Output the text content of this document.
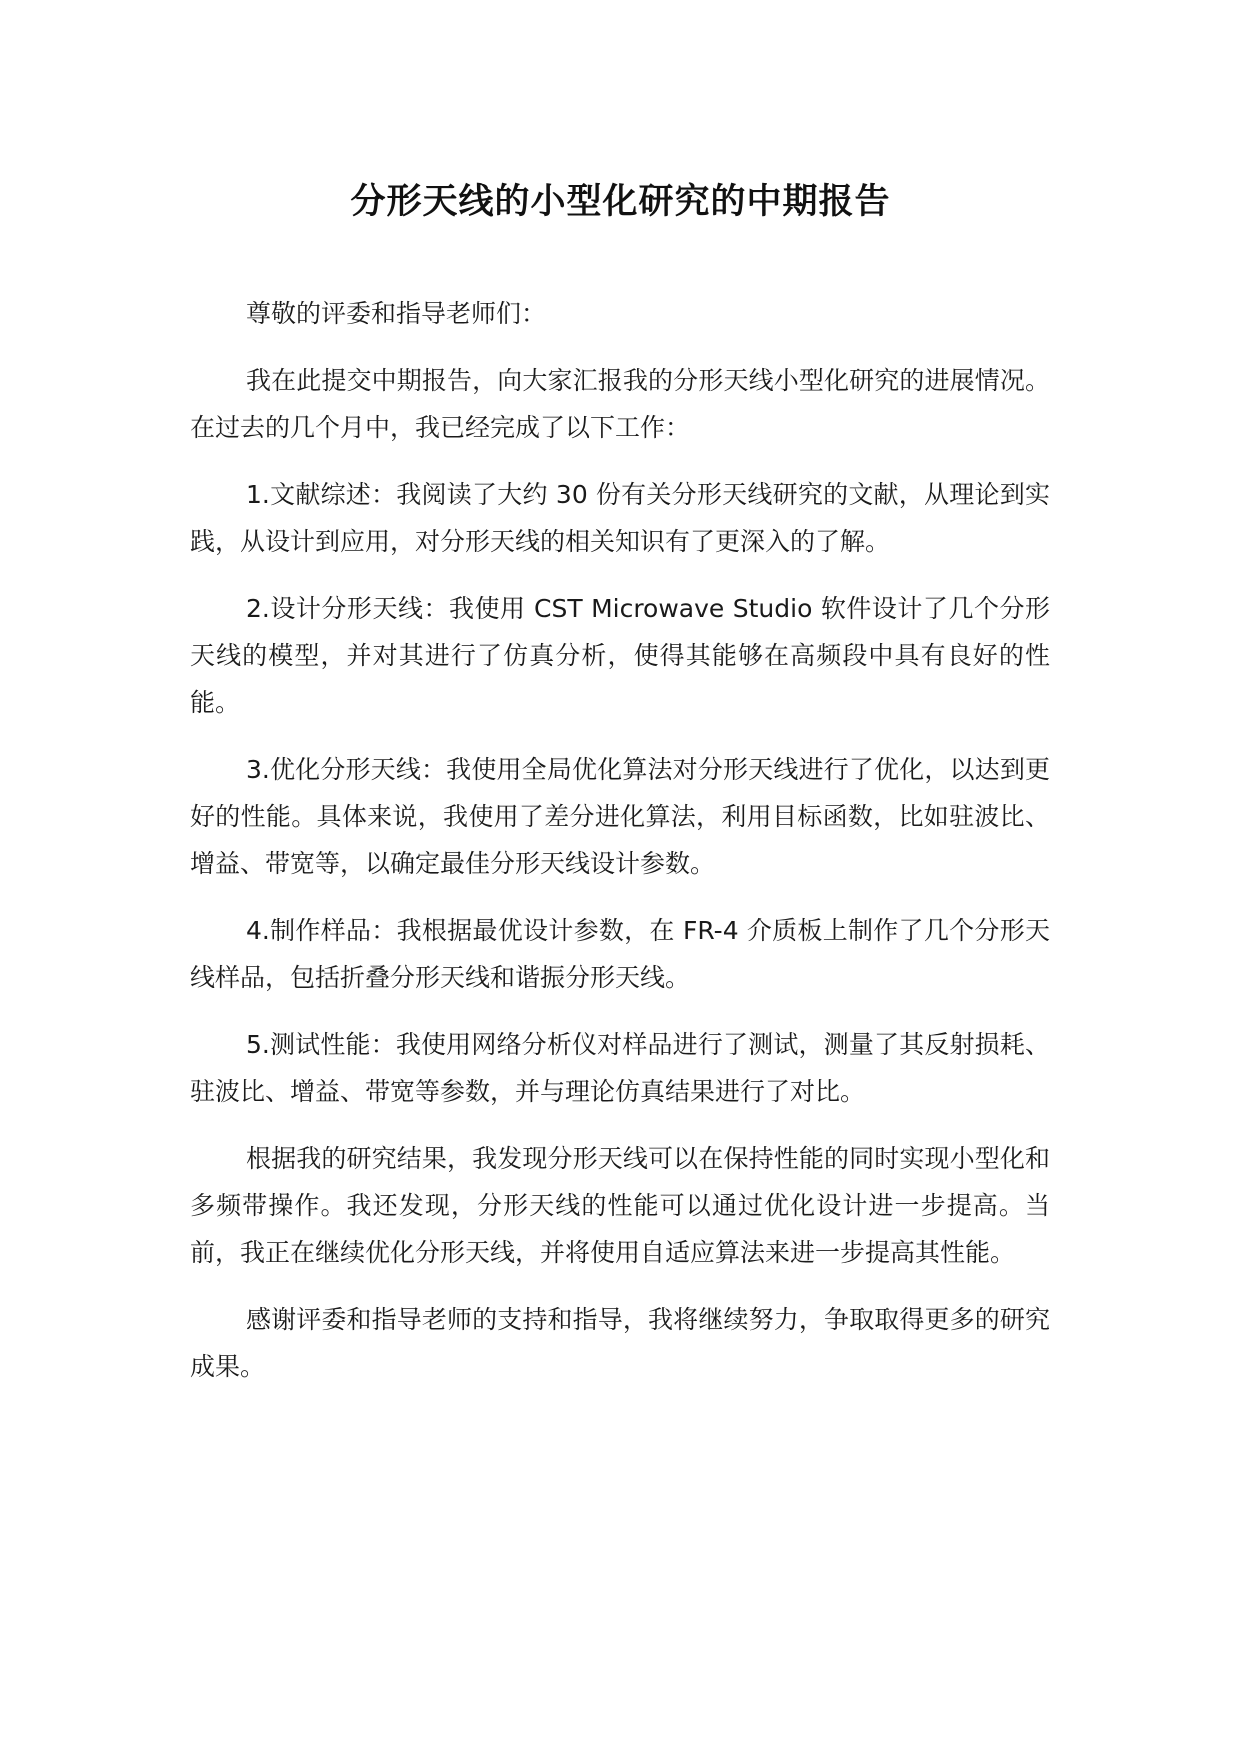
分形天线的小型化研究的中期报告

尊敬的评委和指导老师们：

我在此提交中期报告，向大家汇报我的分形天线小型化研究的进展情况。在过去的几个月中，我已经完成了以下工作：

1.文献综述：我阅读了大约 30 份有关分形天线研究的文献，从理论到实践，从设计到应用，对分形天线的相关知识有了更深入的了解。

2.设计分形天线：我使用 CST Microwave Studio 软件设计了几个分形天线的模型，并对其进行了仿真分析，使得其能够在高频段中具有良好的性能。

3.优化分形天线：我使用全局优化算法对分形天线进行了优化，以达到更好的性能。具体来说，我使用了差分进化算法，利用目标函数，比如驻波比、增益、带宽等，以确定最佳分形天线设计参数。

4.制作样品：我根据最优设计参数，在 FR-4 介质板上制作了几个分形天线样品，包括折叠分形天线和谐振分形天线。

5.测试性能：我使用网络分析仪对样品进行了测试，测量了其反射损耗、驻波比、增益、带宽等参数，并与理论仿真结果进行了对比。

根据我的研究结果，我发现分形天线可以在保持性能的同时实现小型化和多频带操作。我还发现，分形天线的性能可以通过优化设计进一步提高。当前，我正在继续优化分形天线，并将使用自适应算法来进一步提高其性能。

感谢评委和指导老师的支持和指导，我将继续努力，争取取得更多的研究成果。
